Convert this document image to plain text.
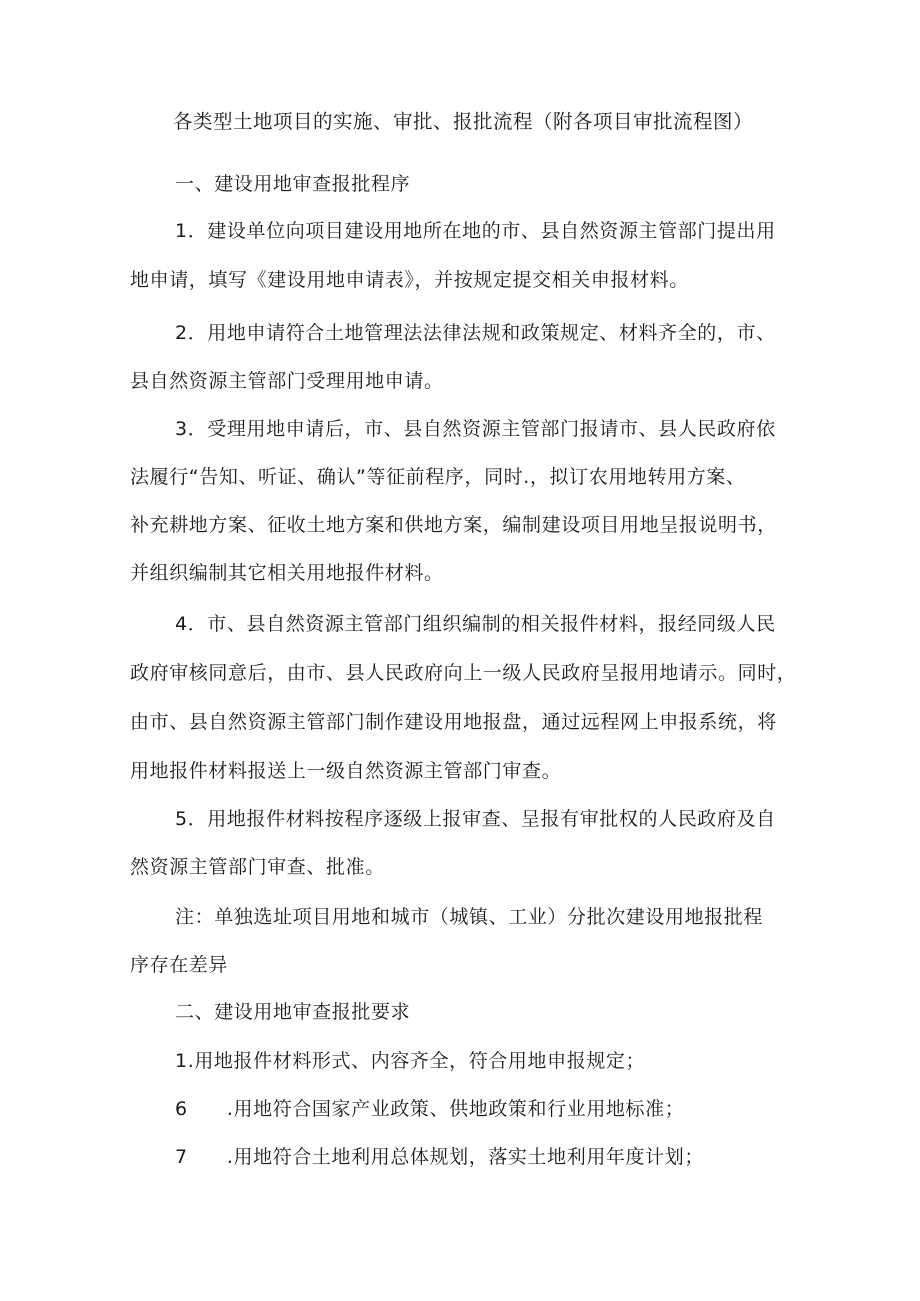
各类型土地项目的实施、审批、报批流程（附各项目审批流程图）
一、建设用地审查报批程序
1．建设单位向项目建设用地所在地的市、县自然资源主管部门提出用
地申请，填写《建设用地申请表》，并按规定提交相关申报材料。
2．用地申请符合土地管理法法律法规和政策规定、材料齐全的，市、
县自然资源主管部门受理用地申请。
3．受理用地申请后，市、县自然资源主管部门报请市、县人民政府依
法履行“告知、听证、确认”等征前程序，同时.，拟订农用地转用方案、
补充耕地方案、征收土地方案和供地方案，编制建设项目用地呈报说明书，
并组织编制其它相关用地报件材料。
4．市、县自然资源主管部门组织编制的相关报件材料，报经同级人民
政府审核同意后，由市、县人民政府向上一级人民政府呈报用地请示。同时，
由市、县自然资源主管部门制作建设用地报盘，通过远程网上申报系统，将
用地报件材料报送上一级自然资源主管部门审查。
5．用地报件材料按程序逐级上报审查、呈报有审批权的人民政府及自
然资源主管部门审查、批准。
注：单独选址项目用地和城市（城镇、工业）分批次建设用地报批程
序存在差异
二、建设用地审查报批要求
1.用地报件材料形式、内容齐全，符合用地申报规定；
6　　.用地符合国家产业政策、供地政策和行业用地标准；
7　　.用地符合土地利用总体规划，落实土地利用年度计划；
